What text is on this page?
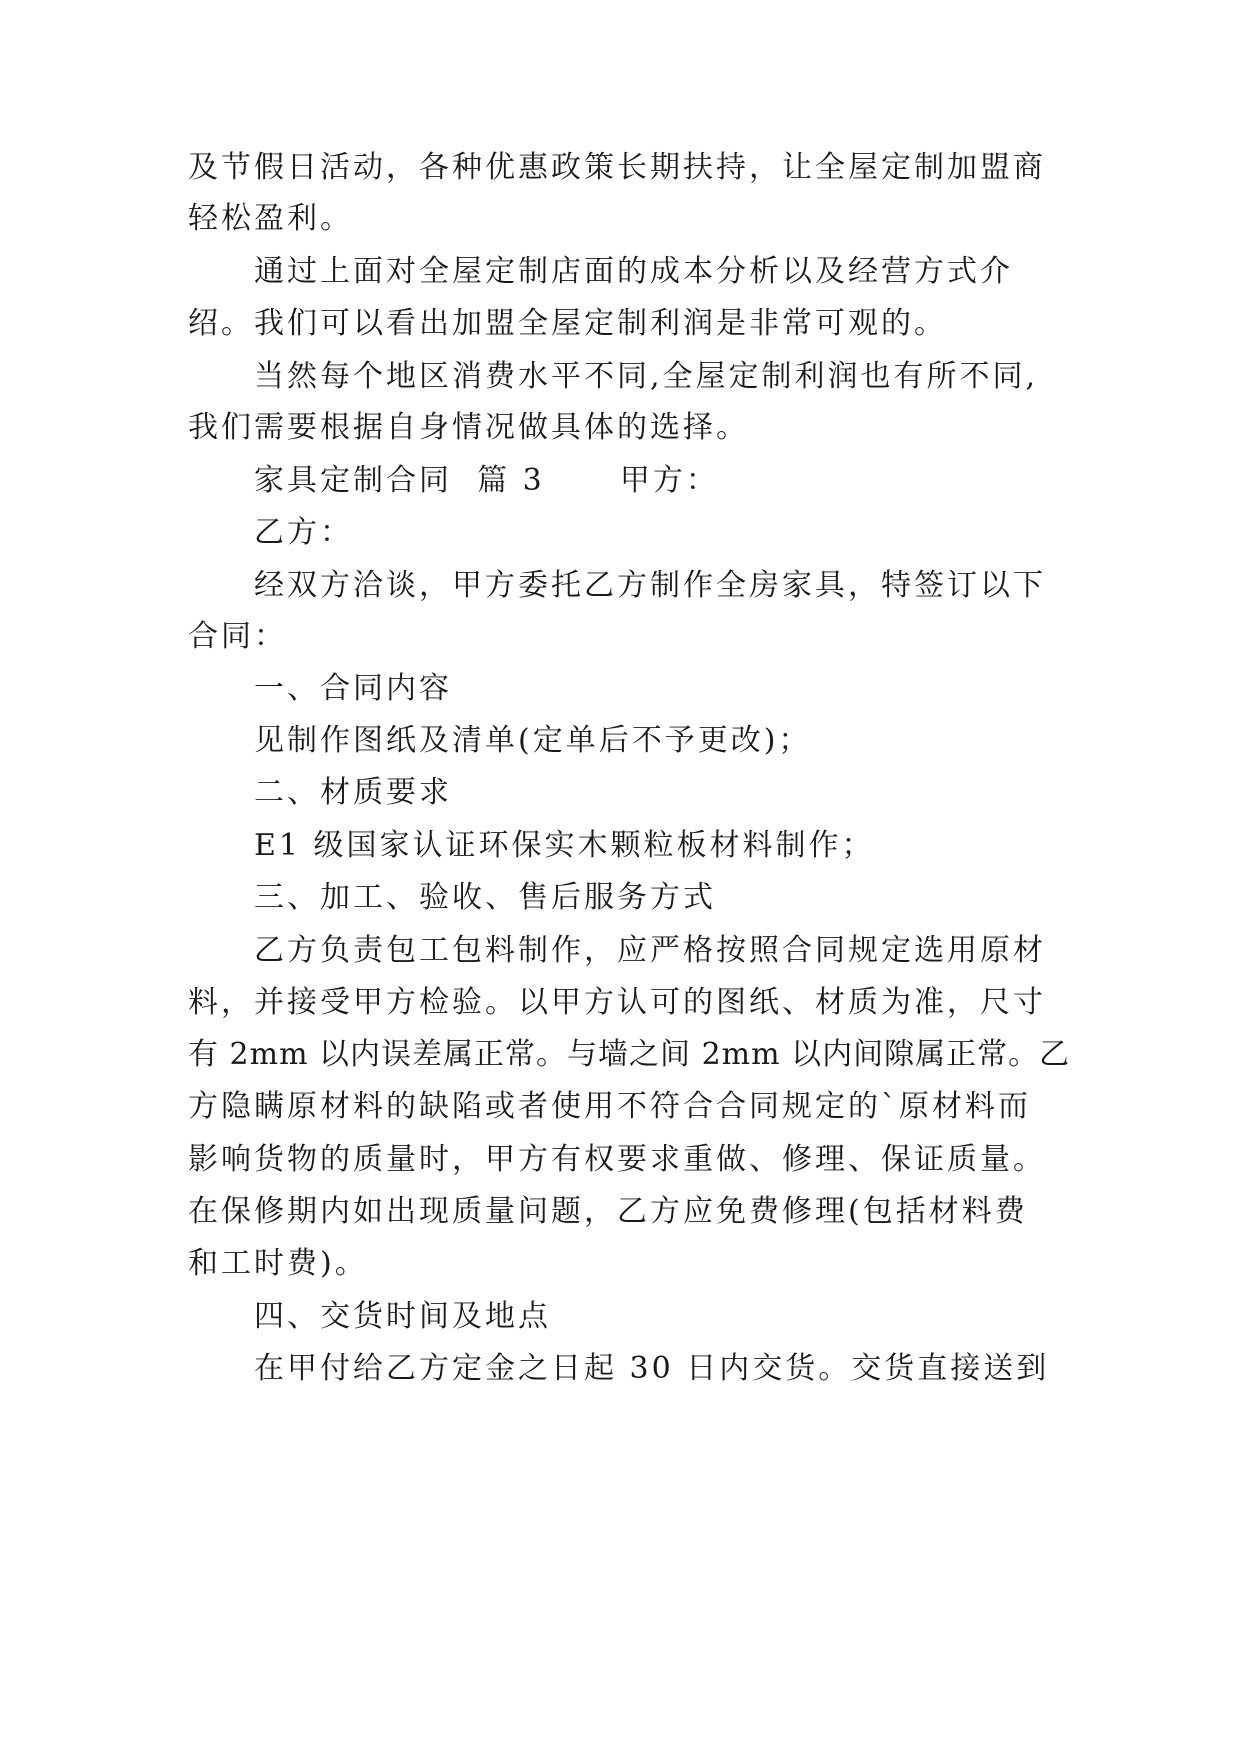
及节假日活动，各种优惠政策长期扶持，让全屋定制加盟商
轻松盈利。
通过上面对全屋定制店面的成本分析以及经营方式介
绍。我们可以看出加盟全屋定制利润是非常可观的。
当然每个地区消费水平不同,全屋定制利润也有所不同,
我们需要根据自身情况做具体的选择。
家具定制合同  篇 3      甲方：
乙方：
经双方洽谈，甲方委托乙方制作全房家具，特签订以下
合同：
一、合同内容
见制作图纸及清单(定单后不予更改)；
二、材质要求
E1 级国家认证环保实木颗粒板材料制作；
三、加工、验收、售后服务方式
乙方负责包工包料制作，应严格按照合同规定选用原材
料，并接受甲方检验。以甲方认可的图纸、材质为准，尺寸
有 2mm 以内误差属正常。与墙之间 2mm 以内间隙属正常。乙
方隐瞒原材料的缺陷或者使用不符合合同规定的`原材料而
影响货物的质量时，甲方有权要求重做、修理、保证质量。
在保修期内如出现质量问题，乙方应免费修理(包括材料费
和工时费)。
四、交货时间及地点
在甲付给乙方定金之日起 30 日内交货。交货直接送到
